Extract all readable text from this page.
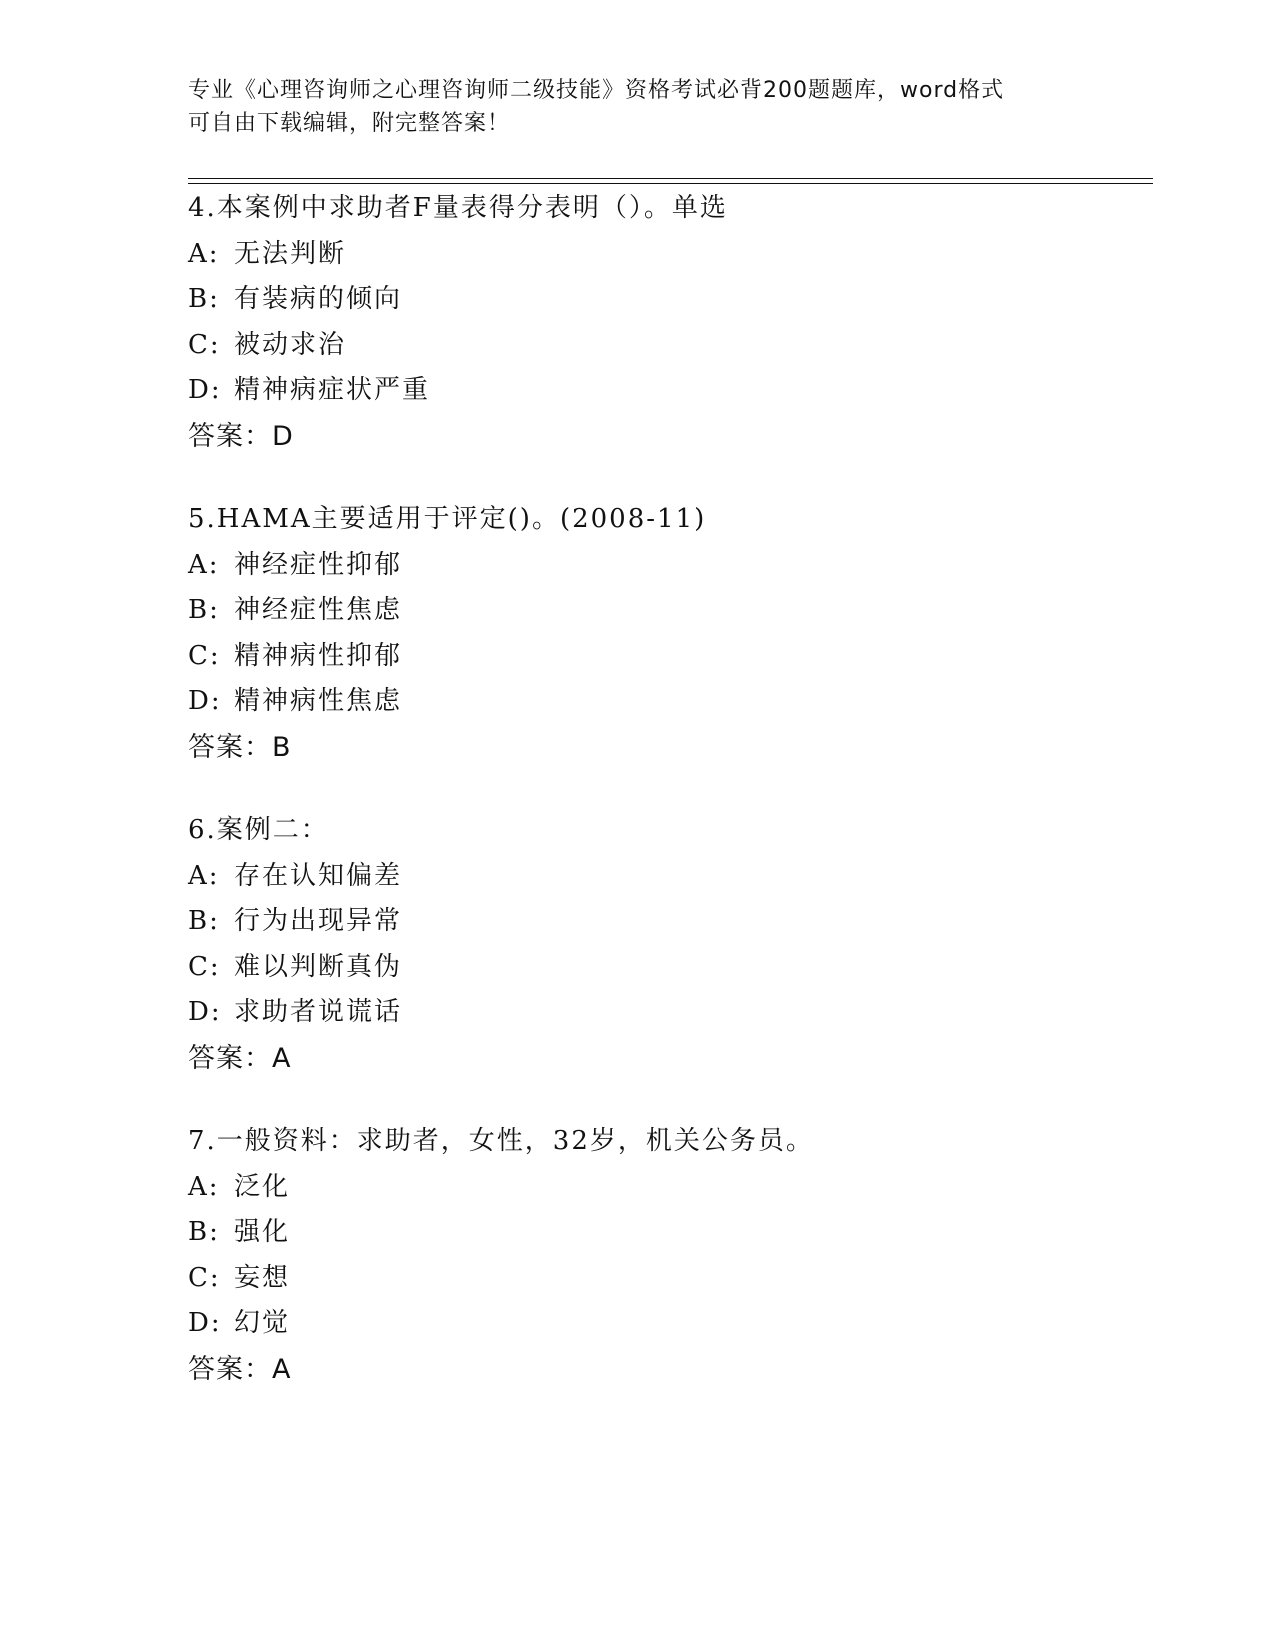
专业《心理咨询师之心理咨询师二级技能》资格考试必背200题题库，word格式
可自由下载编辑，附完整答案！
4.本案例中求助者F量表得分表明（）。单选
A: 无法判断
B: 有装病的倾向
C: 被动求治
D: 精神病症状严重
答案：D
5.HAMA主要适用于评定()。(2008-11)
A: 神经症性抑郁
B: 神经症性焦虑
C: 精神病性抑郁
D: 精神病性焦虑
答案：B
6.案例二：
A: 存在认知偏差
B: 行为出现异常
C: 难以判断真伪
D: 求助者说谎话
答案：A
7.一般资料：求助者，女性，32岁，机关公务员。
A: 泛化
B: 强化
C: 妄想
D: 幻觉
答案：A
